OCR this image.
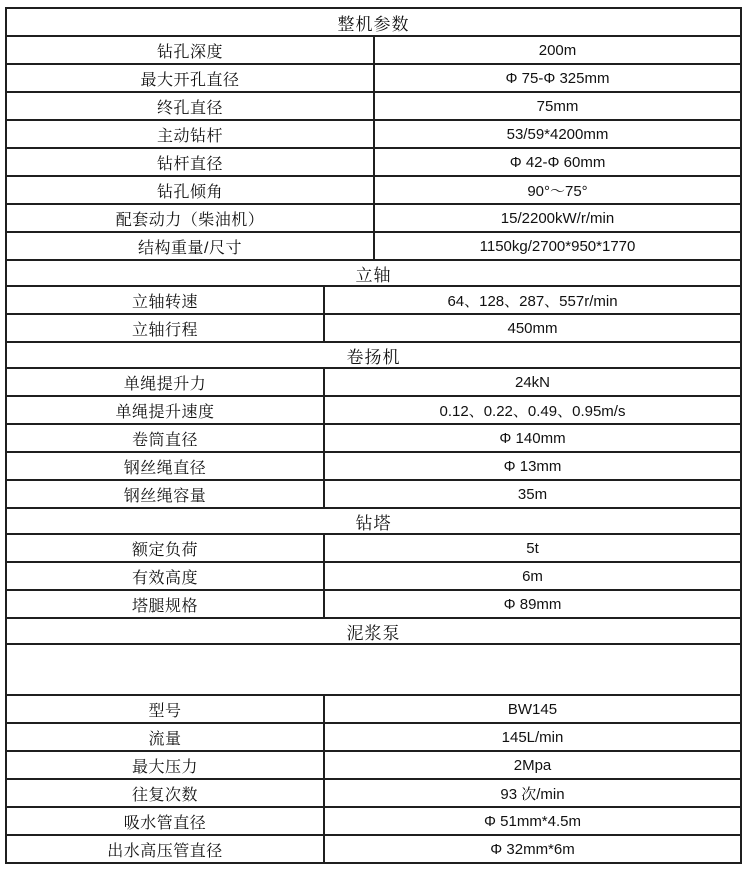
整机参数
钻孔深度	200m
最大开孔直径	Φ 75-Φ 325mm
终孔直径	75mm
主动钻杆	53/59*4200mm
钻杆直径	Φ 42-Φ 60mm
钻孔倾角	90°～75°
配套动力（柴油机）	15/2200kW/r/min
结构重量/尺寸	1150kg/2700*950*1770
立轴
立轴转速	64、128、287、557r/min
立轴行程	450mm
卷扬机
单绳提升力	24kN
单绳提升速度	0.12、0.22、0.49、0.95m/s
卷筒直径	Φ 140mm
钢丝绳直径	Φ 13mm
钢丝绳容量	35m
钻塔
额定负荷	5t
有效高度	6m
塔腿规格	Φ 89mm
泥浆泵
型号	BW145
流量	145L/min
最大压力	2Mpa
往复次数	93 次/min
吸水管直径	Φ 51mm*4.5m
出水高压管直径	Φ 32mm*6m
